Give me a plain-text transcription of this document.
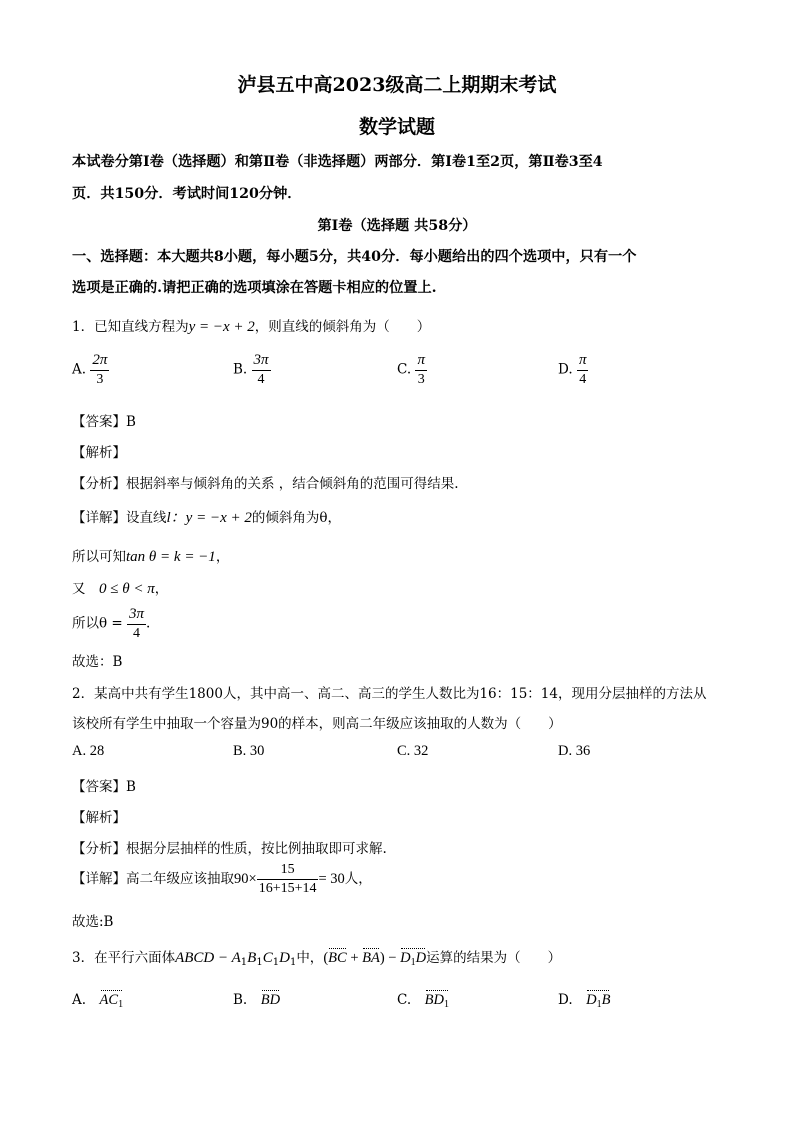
泸县五中高2023级高二上期期末考试
数学试题
本试卷分第Ⅰ卷（选择题）和第Ⅱ卷（非选择题）两部分．第Ⅰ卷1至2页，第Ⅱ卷3至4
页．共150分．考试时间120分钟．
第Ⅰ卷（选择题 共58分）
一、选择题：本大题共8小题，每小题5分，共40分．每小题给出的四个选项中，只有一个
选项是正确的.请把正确的选项填涂在答题卡相应的位置上.
1．已知直线方程为y = −x + 2，则直线的倾斜角为（　　）
A. $\frac{2\pi}{3}$	B. $\frac{3\pi}{4}$	C. $\frac{\pi}{3}$	D. $\frac{\pi}{4}$
【答案】B
【解析】
【分析】根据斜率与倾斜角的关系 ，结合倾斜角的范围可得结果.
【详解】设直线l：y = −x + 2的倾斜角为θ，
所以可知tan θ = k = −1，
又　 0 ≤ θ < π，
所以$\theta = \frac{3\pi}{4}$ .
故选：B
2．某高中共有学生1800人，其中高一、高二、高三的学生人数比为16：15：14，现用分层抽样的方法从
该校所有学生中抽取一个容量为90的样本，则高二年级应该抽取的人数为（　　）
A. 28	B. 30	C. 32	D. 36
【答案】B
【解析】
【分析】根据分层抽样的性质，按比例抽取即可求解.
【详解】高二年级应该抽取$90\times \frac{15}{16+15+14} = 30$人，
故选:B
3．在平行六面体ABCD − $A_1B_1C_1D_1$中，$(BC + BA) - D_1D$运算的结果为（　　）
A.　 $AC_1$	B.　 BD	C.　 $BD_1$	D.　 $D_1B$
